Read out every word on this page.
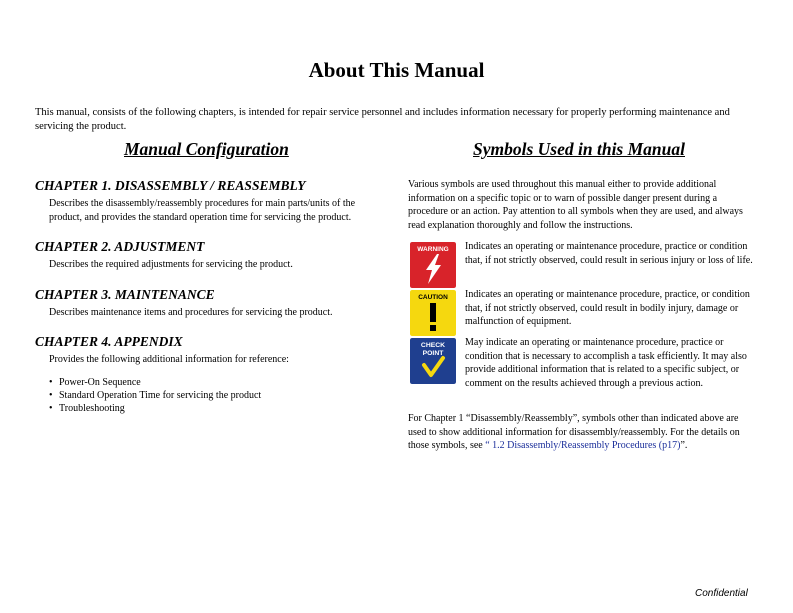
About This Manual
This manual, consists of the following chapters, is intended for repair service personnel and includes information necessary for properly performing maintenance and servicing the product.
Manual Configuration	Symbols Used in this Manual
CHAPTER 1. DISASSEMBLY / REASSEMBLY
Describes the disassembly/reassembly procedures for main parts/units of the product, and provides the standard operation time for servicing the product.
CHAPTER 2. ADJUSTMENT
Describes the required adjustments for servicing the product.
CHAPTER 3. MAINTENANCE
Describes maintenance items and procedures for servicing the product.
CHAPTER 4. APPENDIX
Provides the following additional information for reference:
• Power-On Sequence
• Standard Operation Time for servicing the product
• Troubleshooting
Various symbols are used throughout this manual either to provide additional information on a specific topic or to warn of possible danger present during a procedure or an action. Pay attention to all symbols when they are used, and always read explanation thoroughly and follow the instructions.
WARNING Indicates an operating or maintenance procedure, practice or condition that, if not strictly observed, could result in serious injury or loss of life.
CAUTION Indicates an operating or maintenance procedure, practice, or condition that, if not strictly observed, could result in bodily injury, damage or malfunction of equipment.
CHECK
POINT
May indicate an operating or maintenance procedure, practice or condition that is necessary to accomplish a task efficiently. It may also provide additional information that is related to a specific subject, or comment on the results achieved through a previous action.
For Chapter 1 “Disassembly/Reassembly”, symbols other than indicated above are used to show additional information for disassembly/reassembly. For the details on those symbols, see “ 1.2 Disassembly/Reassembly Procedures (p17)”.
Confidential
